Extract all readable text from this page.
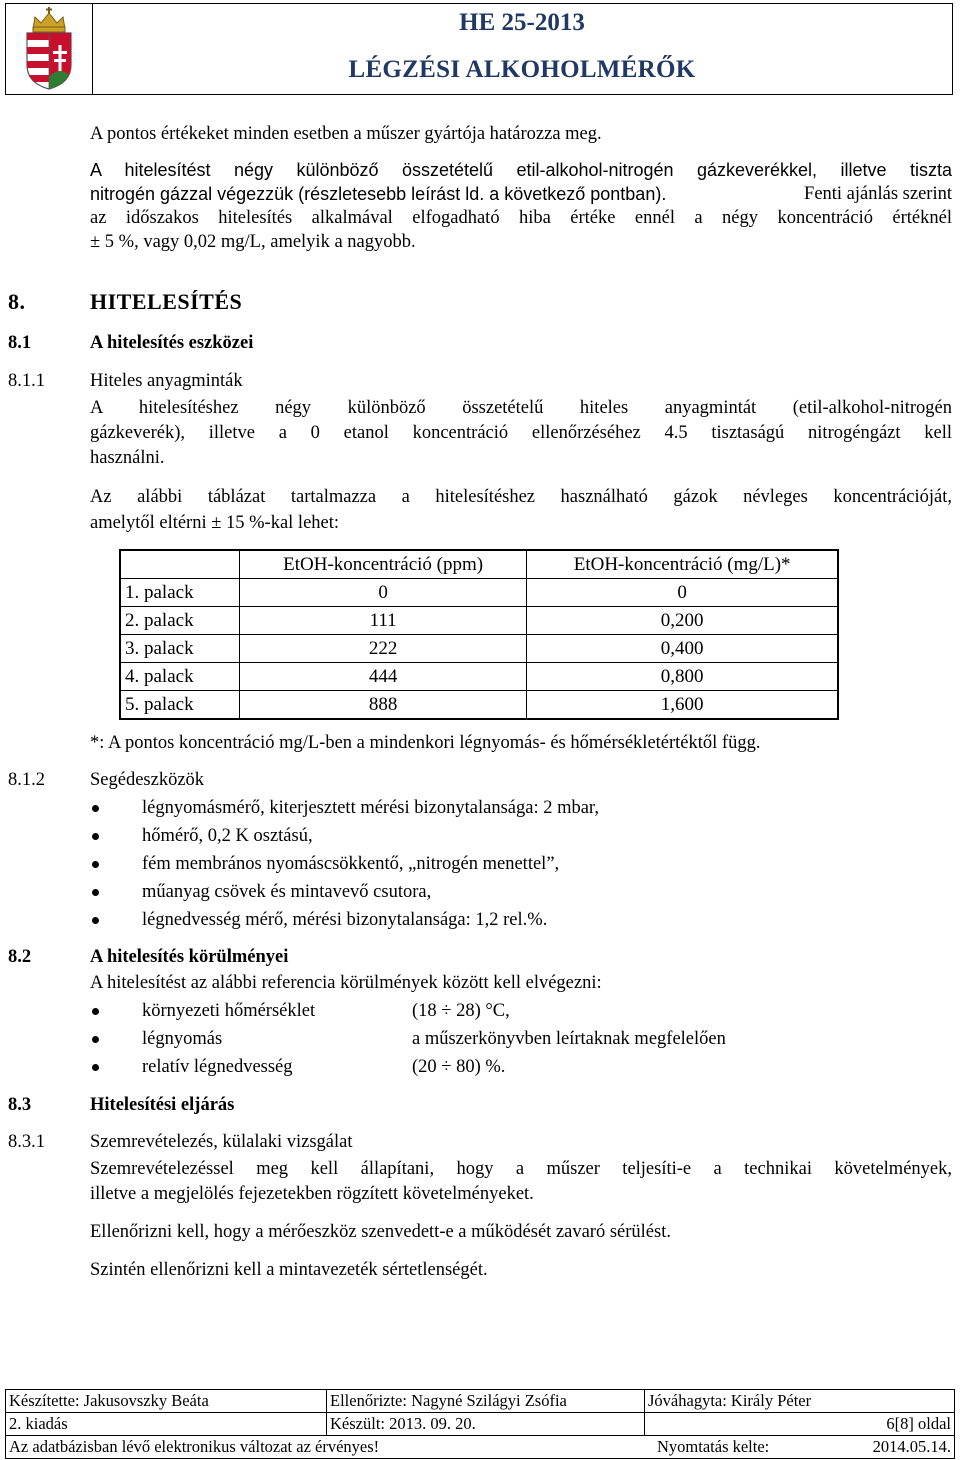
HE 25-2013
LÉGZÉSI ALKOHOLMÉRŐK
A pontos értékeket minden esetben a műszer gyártója határozza meg.
A hitelesítést négy különböző összetételű etil-alkohol-nitrogén gázkeverékkel, illetve tiszta
nitrogén gázzal végezzük (részletesebb leírást ld. a következő pontban).	Fenti ajánlás szerint
az időszakos hitelesítés alkalmával elfogadható hiba értéke ennél a négy koncentráció értéknél
± 5 %, vagy 0,02 mg/L, amelyik a nagyobb.
8.	HITELESÍTÉS
8.1	A hitelesítés eszközei
8.1.1 Hiteles anyagminták
A hitelesítéshez négy különböző összetételű hiteles anyagmintát (etil-alkohol-nitrogén
gázkeverék), illetve a 0 etanol koncentráció ellenőrzéséhez 4.5 tisztaságú nitrogéngázt kell
használni.
Az alábbi táblázat tartalmazza a hitelesítéshez használható gázok névleges koncentrációját,
amelytől eltérni ± 15 %-kal lehet:
	EtOH-koncentráció (ppm)	EtOH-koncentráció (mg/L)*
1. palack	0	0
2. palack	111	0,200
3. palack	222	0,400
4. palack	444	0,800
5. palack	888	1,600
*: A pontos koncentráció mg/L-ben a mindenkori légnyomás- és hőmérsékletértéktől függ.
8.1.2 Segédeszközök
légnyomásmérő, kiterjesztett mérési bizonytalansága: 2 mbar,
hőmérő, 0,2 K osztású,
fém membrános nyomáscsökkentő, „nitrogén menettel”,
műanyag csövek és mintavevő csutora,
légnedvesség mérő, mérési bizonytalansága: 1,2 rel.%.
8.2	A hitelesítés körülményei
A hitelesítést az alábbi referencia körülmények között kell elvégezni:
környezeti hőmérséklet	(18 ÷ 28) °C,
légnyomás	a műszerkönyvben leírtaknak megfelelően
relatív légnedvesség	(20 ÷ 80) %.
8.3	Hitelesítési eljárás
8.3.1 Szemrevételezés, külalaki vizsgálat
Szemrevételezéssel meg kell állapítani, hogy a műszer teljesíti-e a technikai követelmények,
illetve a megjelölés fejezetekben rögzített követelményeket.
Ellenőrizni kell, hogy a mérőeszköz szenvedett-e a működését zavaró sérülést.
Szintén ellenőrizni kell a mintavezeték sértetlenségét.
Készítette: Jakusovszky Beáta	Ellenőrizte: Nagyné Szilágyi Zsófia	Jóváhagyta: Király Péter
2. kiadás	Készült: 2013. 09. 20.	6[8] oldal
Az adatbázisban lévő elektronikus változat az érvényes!	Nyomtatás kelte:	2014.05.14.
